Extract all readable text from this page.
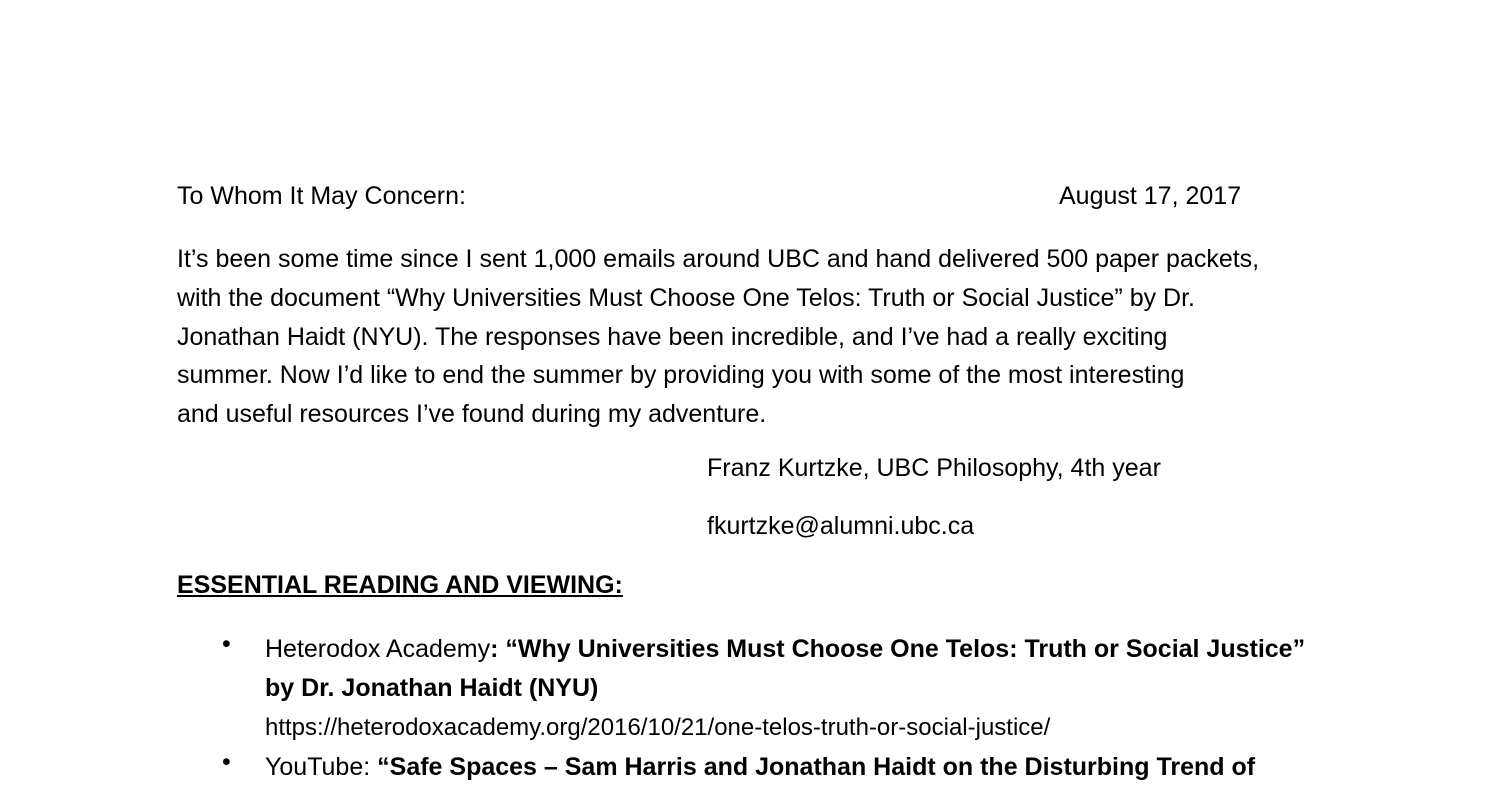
To Whom It May Concern:	August 17, 2017
It’s been some time since I sent 1,000 emails around UBC and hand delivered 500 paper packets,
with the document “Why Universities Must Choose One Telos: Truth or Social Justice” by Dr.
Jonathan Haidt (NYU). The responses have been incredible, and I’ve had a really exciting
summer. Now I’d like to end the summer by providing you with some of the most interesting
and useful resources I’ve found during my adventure.
Franz Kurtzke, UBC Philosophy, 4th year
fkurtzke@alumni.ubc.ca
ESSENTIAL READING AND VIEWING:
• Heterodox Academy: “Why Universities Must Choose One Telos: Truth or Social Justice”
by Dr. Jonathan Haidt (NYU)
https://heterodoxacademy.org/2016/10/21/one-telos-truth-or-social-justice/
• YouTube: “Safe Spaces – Sam Harris and Jonathan Haidt on the Disturbing Trend of
